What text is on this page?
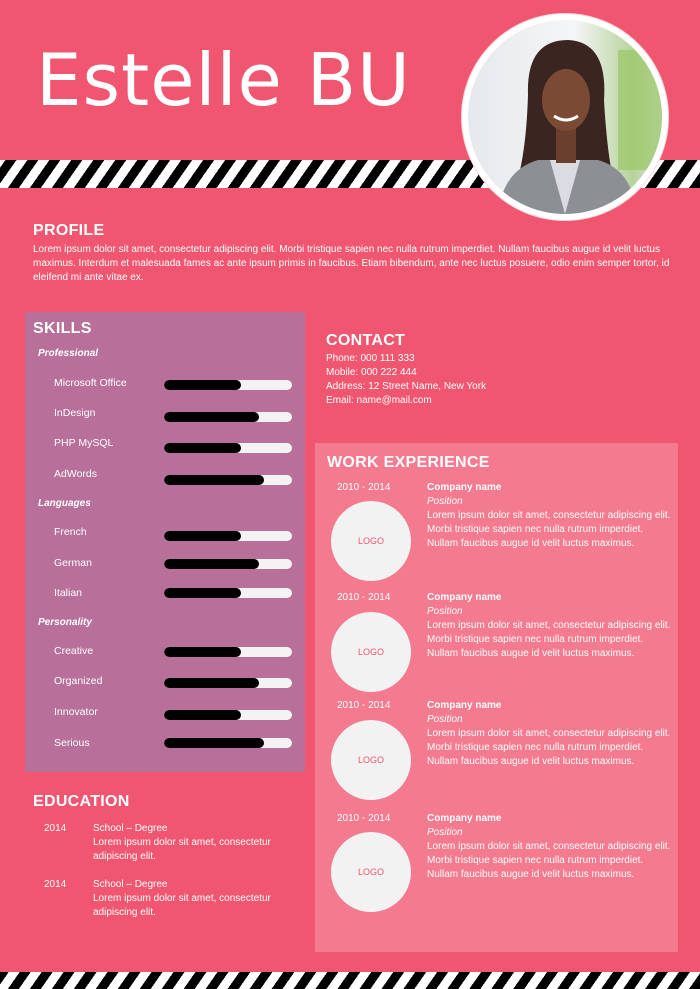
Estelle BU
PROFILE
Lorem ipsum dolor sit amet, consectetur adipiscing elit. Morbi tristique sapien nec nulla rutrum imperdiet. Nullam faucibus augue id velit luctus maximus. Interdum et malesuada fames ac ante ipsum primis in faucibus. Etiam bibendum, ante nec luctus posuere, odio enim semper tortor, id eleifend mi ante vitae ex.
SKILLS
Professional
Microsoft Office
InDesign
PHP MySQL
AdWords
Languages
French
German
Italian
Personality
Creative
Organized
Innovator
Serious
CONTACT
Phone: 000 111 333
Mobile: 000 222 444
Address: 12 Street Name, New York
Email: name@mail.com
WORK EXPERIENCE
2010 - 2014
LOGO
Company name
Position
Lorem ipsum dolor sit amet, consectetur adipiscing elit. Morbi tristique sapien nec nulla rutrum imperdiet. Nullam faucibus augue id velit luctus maximus.
2010 - 2014
LOGO
Company name
Position
Lorem ipsum dolor sit amet, consectetur adipiscing elit. Morbi tristique sapien nec nulla rutrum imperdiet. Nullam faucibus augue id velit luctus maximus.
2010 - 2014
LOGO
Company name
Position
Lorem ipsum dolor sit amet, consectetur adipiscing elit. Morbi tristique sapien nec nulla rutrum imperdiet. Nullam faucibus augue id velit luctus maximus.
2010 - 2014
LOGO
Company name
Position
Lorem ipsum dolor sit amet, consectetur adipiscing elit. Morbi tristique sapien nec nulla rutrum imperdiet. Nullam faucibus augue id velit luctus maximus.
EDUCATION
2014	School – Degree
Lorem ipsum dolor sit amet, consectetur adipiscing elit.
2014	School – Degree
Lorem ipsum dolor sit amet, consectetur adipiscing elit.
